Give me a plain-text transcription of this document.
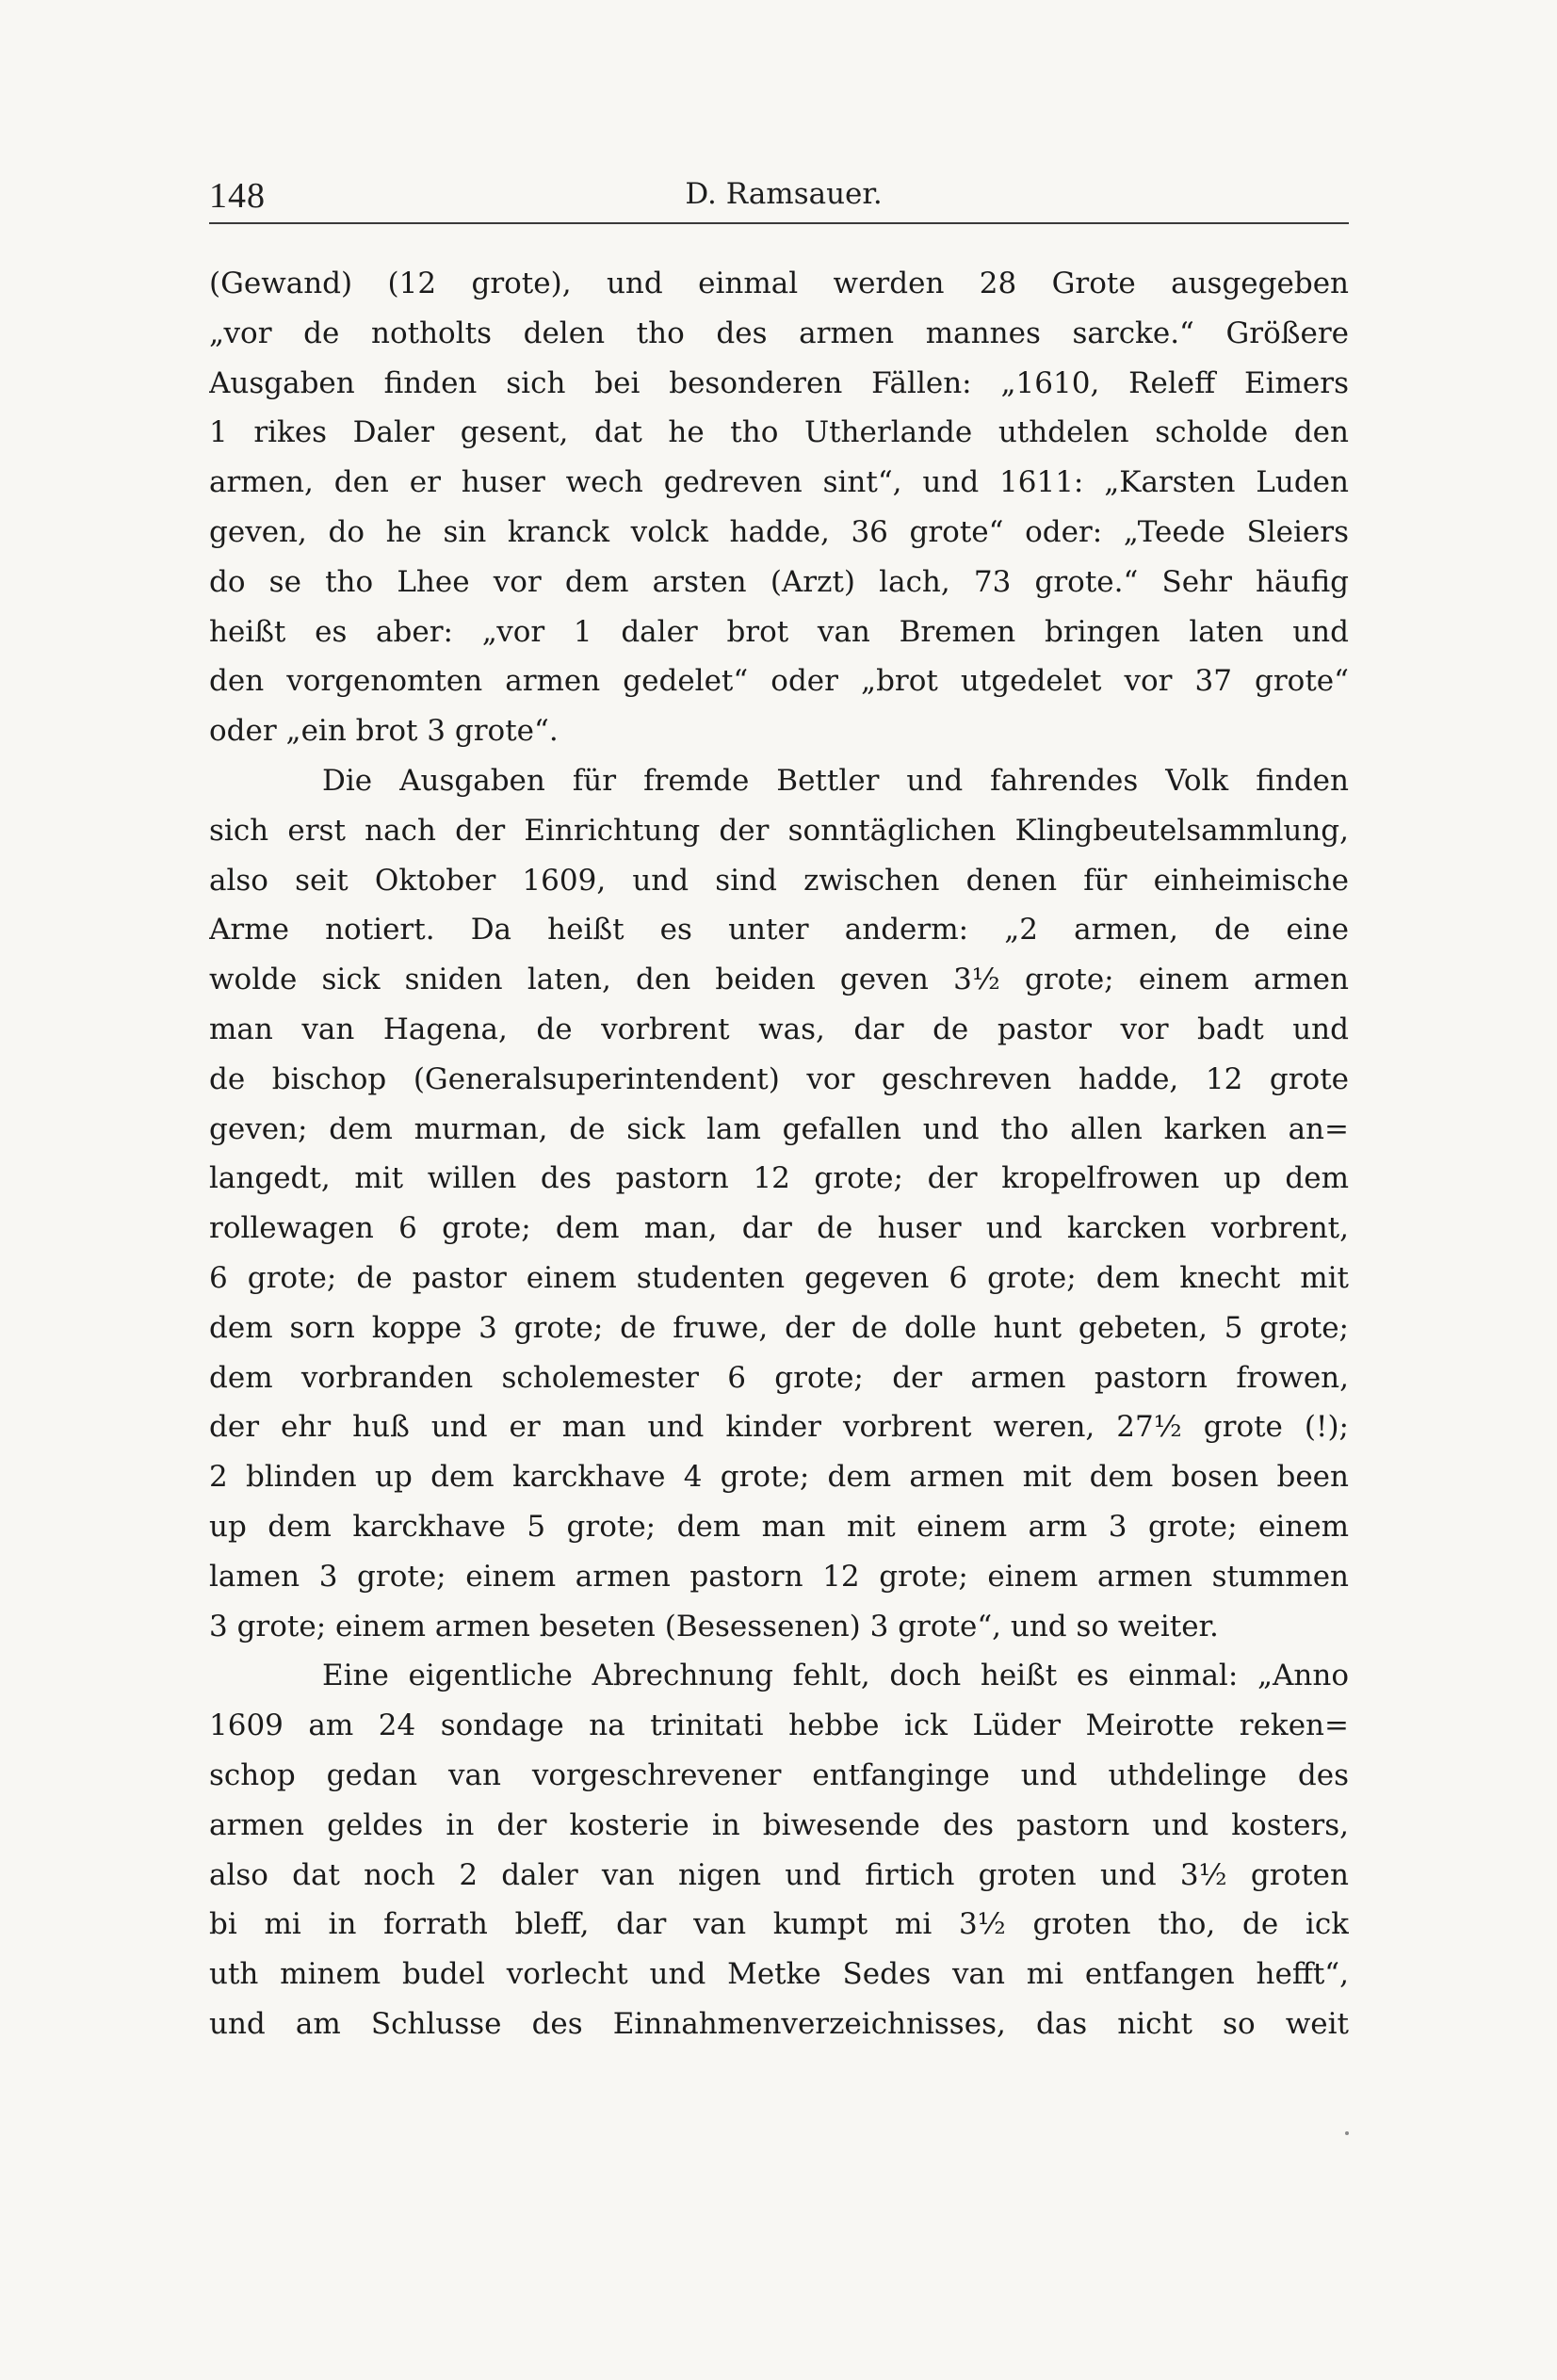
148	D. Ramsauer.
(Gewand) (12 grote), und einmal werden 28 Grote ausgegeben
„vor de notholts delen tho des armen mannes sarcke.“ Größere
Ausgaben finden sich bei besonderen Fällen: „1610, Releff Eimers
1 rikes Daler gesent, dat he tho Utherlande uthdelen scholde den
armen, den er huser wech gedreven sint“, und 1611: „Karsten Luden
geven, do he sin kranck volck hadde, 36 grote“ oder: „Teede Sleiers
do se tho Lhee vor dem arsten (Arzt) lach, 73 grote.“ Sehr häufig
heißt es aber: „vor 1 daler brot van Bremen bringen laten und
den vorgenomten armen gedelet“ oder „brot utgedelet vor 37 grote“
oder „ein brot 3 grote“.
Die Ausgaben für fremde Bettler und fahrendes Volk finden
sich erst nach der Einrichtung der sonntäglichen Klingbeutelsammlung,
also seit Oktober 1609, und sind zwischen denen für einheimische
Arme notiert. Da heißt es unter anderm: „2 armen, de eine
wolde sick sniden laten, den beiden geven 3½ grote; einem armen
man van Hagena, de vorbrent was, dar de pastor vor badt und
de bischop (Generalsuperintendent) vor geschreven hadde, 12 grote
geven; dem murman, de sick lam gefallen und tho allen karken an=
langedt, mit willen des pastorn 12 grote; der kropelfrowen up dem
rollewagen 6 grote; dem man, dar de huser und karcken vorbrent,
6 grote; de pastor einem studenten gegeven 6 grote; dem knecht mit
dem sorn koppe 3 grote; de fruwe, der de dolle hunt gebeten, 5 grote;
dem vorbranden scholemester 6 grote; der armen pastorn frowen,
der ehr huß und er man und kinder vorbrent weren, 27½ grote (!);
2 blinden up dem karckhave 4 grote; dem armen mit dem bosen been
up dem karckhave 5 grote; dem man mit einem arm 3 grote; einem
lamen 3 grote; einem armen pastorn 12 grote; einem armen stummen
3 grote; einem armen beseten (Besessenen) 3 grote“, und so weiter.
Eine eigentliche Abrechnung fehlt, doch heißt es einmal: „Anno
1609 am 24 sondage na trinitati hebbe ick Lüder Meirotte reken=
schop gedan van vorgeschrevener entfanginge und uthdelinge des
armen geldes in der kosterie in biwesende des pastorn und kosters,
also dat noch 2 daler van nigen und firtich groten und 3½ groten
bi mi in forrath bleff, dar van kumpt mi 3½ groten tho, de ick
uth minem budel vorlecht und Metke Sedes van mi entfangen hefft“,
und am Schlusse des Einnahmenverzeichnisses, das nicht so weit
